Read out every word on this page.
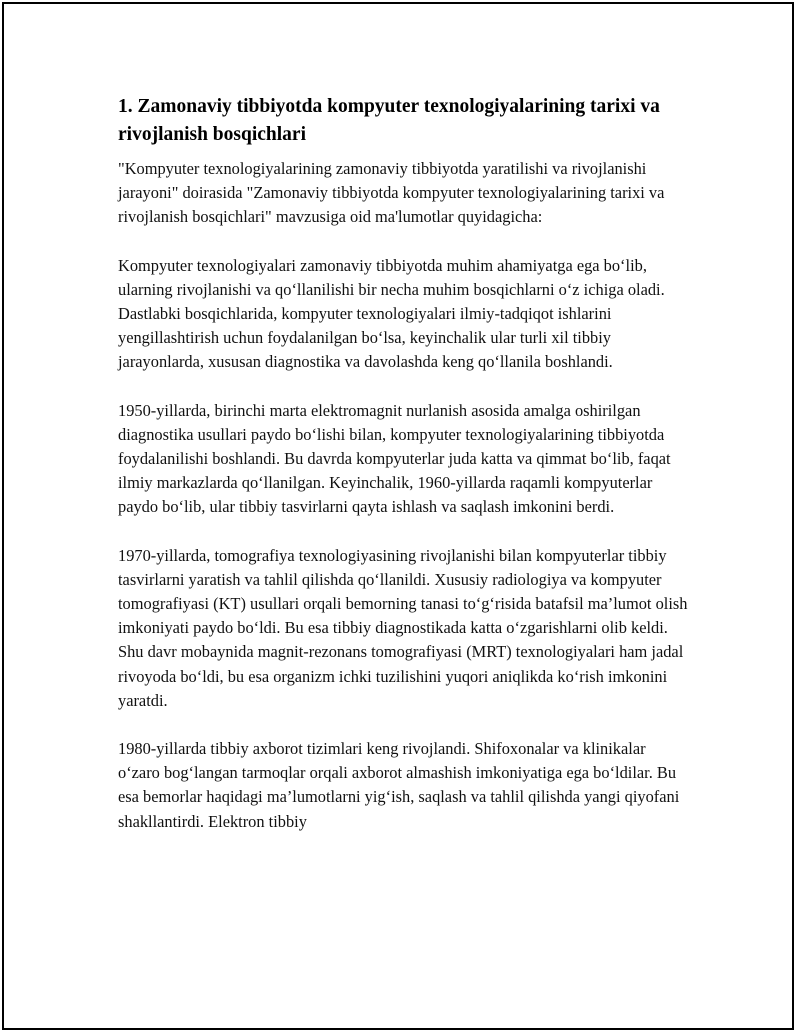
1. Zamonaviy tibbiyotda kompyuter texnologiyalarining tarixi va rivojlanish bosqichlari

"Kompyuter texnologiyalarining zamonaviy tibbiyotda yaratilishi va rivojlanishi jarayoni" doirasida "Zamonaviy tibbiyotda kompyuter texnologiyalarining tarixi va rivojlanish bosqichlari" mavzusiga oid ma'lumotlar quyidagicha:

Kompyuter texnologiyalari zamonaviy tibbiyotda muhim ahamiyatga ega bo‘lib, ularning rivojlanishi va qo‘llanilishi bir necha muhim bosqichlarni o‘z ichiga oladi. Dastlabki bosqichlarida, kompyuter texnologiyalari ilmiy-tadqiqot ishlarini yengillashtirish uchun foydalanilgan bo‘lsa, keyinchalik ular turli xil tibbiy jarayonlarda, xususan diagnostika va davolashda keng qo‘llanila boshlandi.

1950-yillarda, birinchi marta elektromagnit nurlanish asosida amalga oshirilgan diagnostika usullari paydo bo‘lishi bilan, kompyuter texnologiyalarining tibbiyotda foydalanilishi boshlandi. Bu davrda kompyuterlar juda katta va qimmat bo‘lib, faqat ilmiy markazlarda qo‘llanilgan. Keyinchalik, 1960-yillarda raqamli kompyuterlar paydo bo‘lib, ular tibbiy tasvirlarni qayta ishlash va saqlash imkonini berdi.

1970-yillarda, tomografiya texnologiyasining rivojlanishi bilan kompyuterlar tibbiy tasvirlarni yaratish va tahlil qilishda qo‘llanildi. Xususiy radiologiya va kompyuter tomografiyasi (KT) usullari orqali bemorning tanasi to‘g‘risida batafsil ma’lumot olish imkoniyati paydo bo‘ldi. Bu esa tibbiy diagnostikada katta o‘zgarishlarni olib keldi. Shu davr mobaynida magnit-rezonans tomografiyasi (MRT) texnologiyalari ham jadal rivoyoda bo‘ldi, bu esa organizm ichki tuzilishini yuqori aniqlikda ko‘rish imkonini yaratdi.

1980-yillarda tibbiy axborot tizimlari keng rivojlandi. Shifoxonalar va klinikalar o‘zaro bog‘langan tarmoqlar orqali axborot almashish imkoniyatiga ega bo‘ldilar. Bu esa bemorlar haqidagi ma’lumotlarni yig‘ish, saqlash va tahlil qilishda yangi qiyofani shakllantirdi. Elektron tibbiy
